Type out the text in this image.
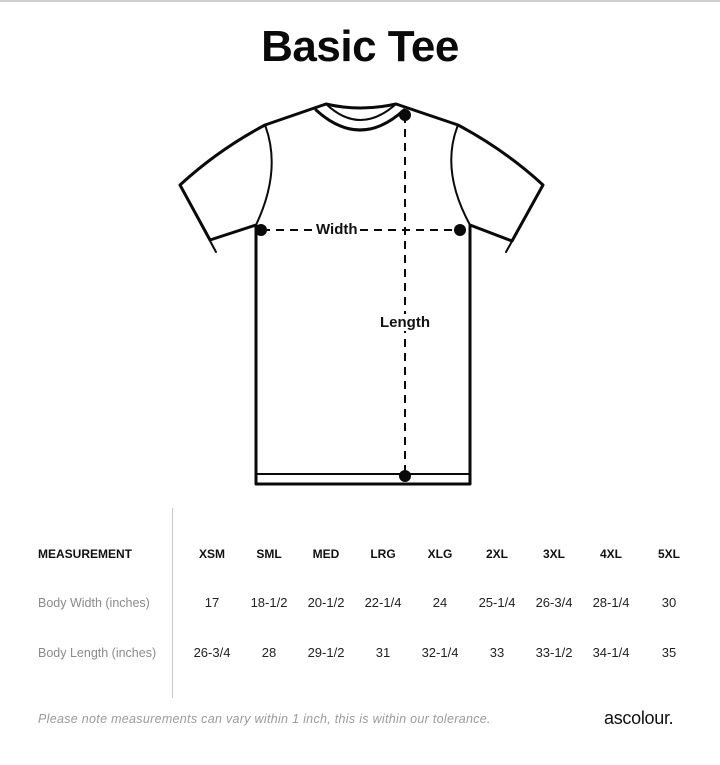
Basic Tee
Width
Length
MEASUREMENT	XSM	SML	MED	LRG	XLG	2XL	3XL	4XL	5XL
Body Width (inches)	17	18-1/2	20-1/2	22-1/4	24	25-1/4	26-3/4	28-1/4	30
Body Length (inches)	26-3/4	28	29-1/2	31	32-1/4	33	33-1/2	34-1/4	35
Please note measurements can vary within 1 inch, this is within our tolerance.	ascolour.
